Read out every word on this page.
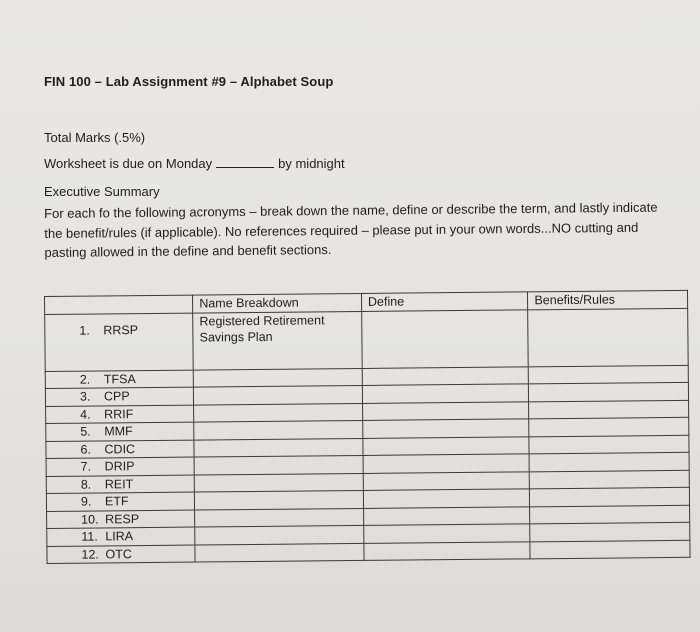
FIN 100 – Lab Assignment #9 – Alphabet Soup
Total Marks (.5%)
Worksheet is due on Monday	by midnight
Executive Summary
For each fo the following acronyms – break down the name, define or describe the term, and lastly indicate the benefit/rules (if applicable). No references required – please put in your own words...NO cutting and pasting allowed in the define and benefit sections.
	Name Breakdown	Define	Benefits/Rules
1. RRSP	Registered Retirement
Savings Plan		

2. TFSA			
3. CPP			
4. RRIF			
5. MMF			
6. CDIC			
7. DRIP			
8. REIT			
9. ETF			
10. RESP			
11. LIRA			
12. OTC			
